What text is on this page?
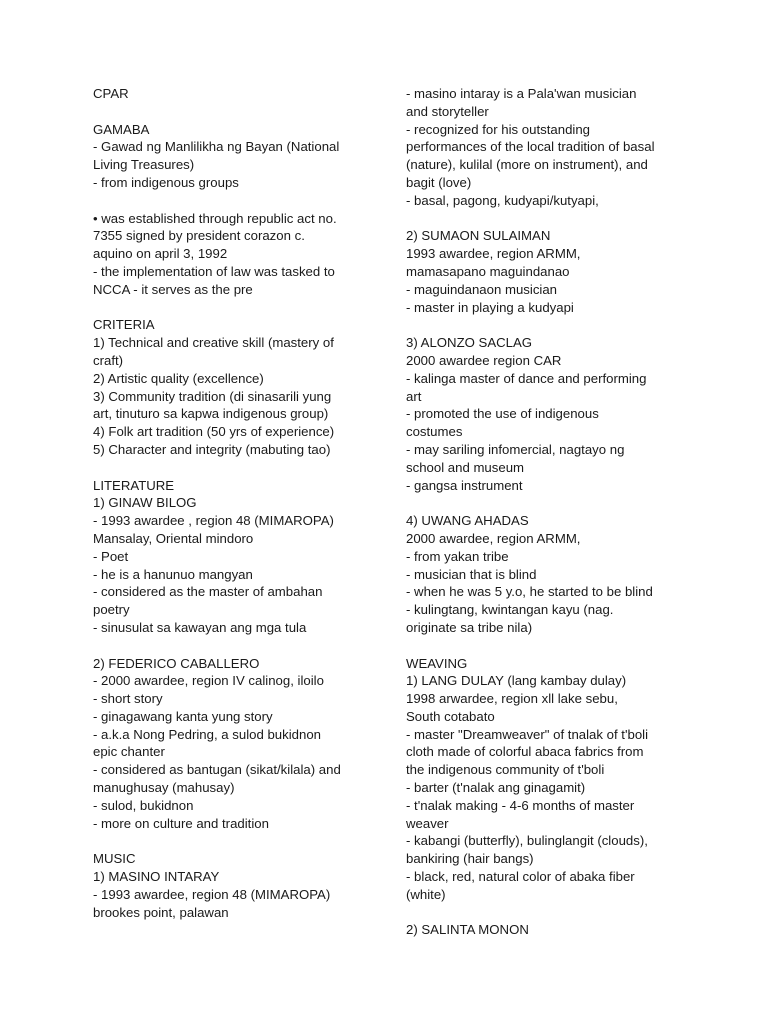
CPAR
GAMABA
- Gawad ng Manlilikha ng Bayan (National
Living Treasures)
- from indigenous groups
• was established through republic act no.
7355 signed by president corazon c.
aquino on april 3, 1992
- the implementation of law was tasked to
NCCA - it serves as the pre
CRITERIA
1) Technical and creative skill (mastery of
craft)
2) Artistic quality (excellence)
3) Community tradition (di sinasarili yung
art, tinuturo sa kapwa indigenous group)
4) Folk art tradition (50 yrs of experience)
5) Character and integrity (mabuting tao)
LITERATURE
1) GINAW BILOG
- 1993 awardee , region 48 (MIMAROPA)
Mansalay, Oriental mindoro
- Poet
- he is a hanunuo mangyan
- considered as the master of ambahan
poetry
- sinusulat sa kawayan ang mga tula
2) FEDERICO CABALLERO
- 2000 awardee, region IV calinog, iloilo
- short story
- ginagawang kanta yung story
- a.k.a Nong Pedring, a sulod bukidnon
epic chanter
- considered as bantugan (sikat/kilala) and
manughusay (mahusay)
- sulod, bukidnon
- more on culture and tradition
MUSIC
1) MASINO INTARAY
- 1993 awardee, region 48 (MIMAROPA)
brookes point, palawan
- masino intaray is a Pala'wan musician
and storyteller
- recognized for his outstanding
performances of the local tradition of basal
(nature), kulilal (more on instrument), and
bagit (love)
- basal, pagong, kudyapi/kutyapi,
2) SUMAON SULAIMAN
1993 awardee, region ARMM,
mamasapano maguindanao
- maguindanaon musician
- master in playing a kudyapi
3) ALONZO SACLAG
2000 awardee region CAR
- kalinga master of dance and performing
art
- promoted the use of indigenous
costumes
- may sariling infomercial, nagtayo ng
school and museum
- gangsa instrument
4) UWANG AHADAS
2000 awardee, region ARMM,
- from yakan tribe
- musician that is blind
- when he was 5 y.o, he started to be blind
- kulingtang, kwintangan kayu (nag.
originate sa tribe nila)
WEAVING
1) LANG DULAY (lang kambay dulay)
1998 arwardee, region xll lake sebu,
South cotabato
- master "Dreamweaver" of tnalak of t'boli
cloth made of colorful abaca fabrics from
the indigenous community of t'boli
- barter (t'nalak ang ginagamit)
- t'nalak making - 4-6 months of master
weaver
- kabangi (butterfly), bulinglangit (clouds),
bankiring (hair bangs)
- black, red, natural color of abaka fiber
(white)
2) SALINTA MONON
